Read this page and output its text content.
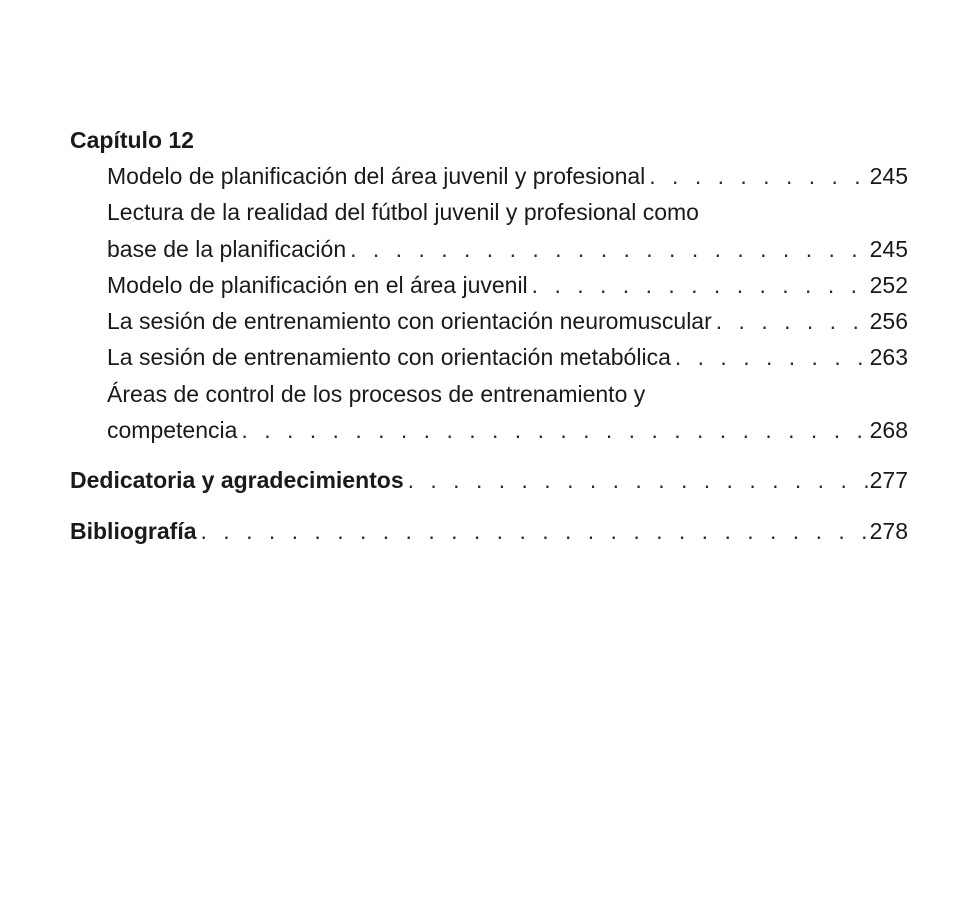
Capítulo 12
Modelo de planificación del área juvenil y profesional . . .	245
Lectura de la realidad del fútbol juvenil y profesional como
base de la planificación . . .	245
Modelo de planificación en el área juvenil . . .	252
La sesión de entrenamiento con orientación neuromuscular . . .	256
La sesión de entrenamiento con orientación metabólica . . .	263
Áreas de control de los procesos de entrenamiento y
competencia . . .	268
Dedicatoria y agradecimientos . . .	277
Bibliografía . . .	278
